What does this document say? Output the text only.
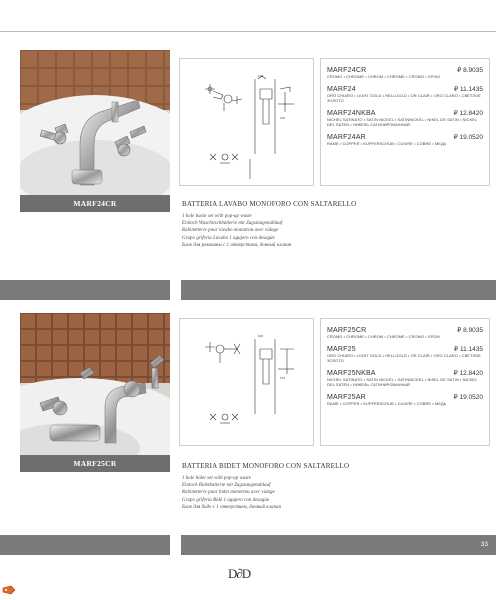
MARF24CR
100
115
MARF24CR	₽ 8.9035
CROMO • CHROME • CHROM • CHROME • CROMO • ХРОМ
MARF24	₽ 11.1435
ORO CHIARO • LIGHT GOLD • HELLGOLD • OR CLAIR • ORO CLARO • СВЕТЛОЕ ЗОЛОТО
MARF24NKBA	₽ 12.8420
NICHEL SATINATO • SATIN NICKEL • SATINNICKEL • NIKEL DE SATIN • NICKEL DEL SATEN • НИКЕЛЬ САТИНИРОВАННЫЙ
MARF24AR	₽ 19.0520
RAME • COPPER • KUPFERSCHUB • CUIVRE • COBRE • МЕДЬ
BATTERIA LAVABO MONOFORO CON SALTARELLO
1 hole basin set with pop-up waste
Einloch Waschtischbatterie mit Zugstangenablauf
Robinetterie pour lavabo monotrou avec vidage
Grupo grifería Lavabo 1 agujero con desagüe
Блок для раковины с 1 отверстием, донный клапан
MARF25CR
172
100
MARF25CR	₽ 8.9035
CROMO • CHROME • CHROM • CHROME • CROMO • ХРОМ
MARF25	₽ 11.1435
ORO CHIARO • LIGHT GOLD • HELLGOLD • OR CLAIR • ORO CLARO • СВЕТЛОЕ ЗОЛОТО
MARF25NKBA	₽ 12.8420
NICHEL SATINATO • SATIN NICKEL • SATINNICKEL • NIKEL DE SATIN • NICKEL DEL SATEN • НИКЕЛЬ САТИНИРОВАННЫЙ
MARF25AR	₽ 19.0520
RAME • COPPER • KUPFERSCHUB • CUIVRE • COBRE • МЕДЬ
BATTERIA BIDET MONOFORO CON SALTARELLO
1 hole bidet set with pop-up waste
Einloch Bidetbatterie mit Zugstangenablauf
Robinetterie pour bidet monotrou avec vidage
Grupo grifería Bidé 1 agujero con desagüe
Блок для биде с 1 отверстием, донный клапан
33
D∂D
